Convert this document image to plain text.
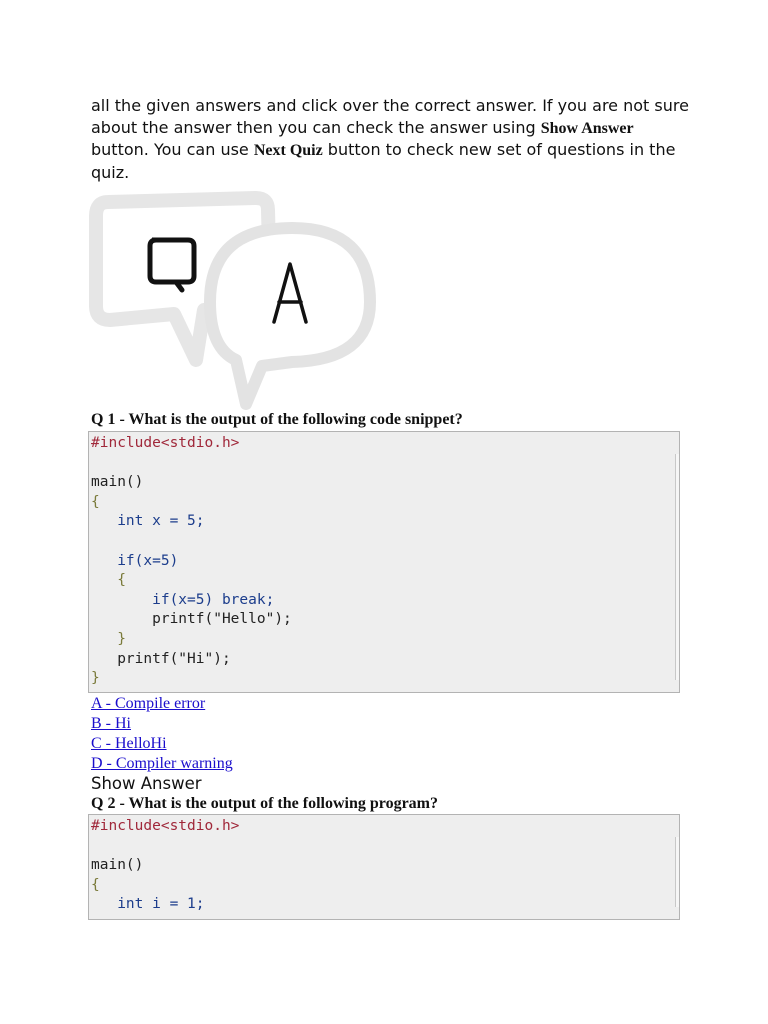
all the given answers and click over the correct answer. If you are not sure about the answer then you can check the answer using Show Answer button. You can use Next Quiz button to check new set of questions in the quiz.

Q

Q 1 - What is the output of the following code snippet?

#include<stdio.h>

main()
{
int x = 5;

if(x=5)
{
if(x=5) break;
printf("Hello");
}
printf("Hi");
}
A - Compile error
B - Hi
C - HelloHi
D - Compiler warning
Show Answer

Q 2 - What is the output of the following program?

#include<stdio.h>

main()
{
int i = 1;
